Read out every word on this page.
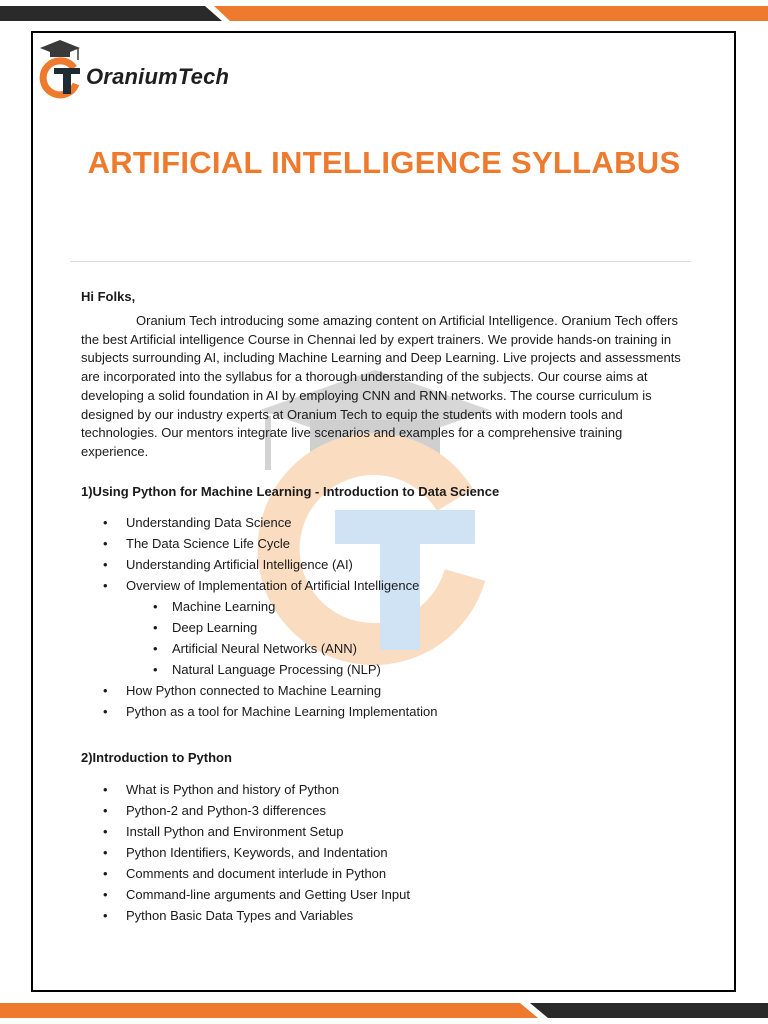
OraniumTech
ARTIFICIAL INTELLIGENCE SYLLABUS

Hi Folks,

Oranium Tech introducing some amazing content on Artificial Intelligence. Oranium Tech offers the best Artificial intelligence Course in Chennai led by expert trainers. We provide hands-on training in subjects surrounding AI, including Machine Learning and Deep Learning. Live projects and assessments are incorporated into the syllabus for a thorough understanding of the subjects. Our course aims at developing a solid foundation in AI by employing CNN and RNN networks. The course curriculum is designed by our industry experts at Oranium Tech to equip the students with modern tools and technologies. Our mentors integrate live scenarios and examples for a comprehensive training experience.

1)Using Python for Machine Learning - Introduction to Data Science

• Understanding Data Science
• The Data Science Life Cycle
• Understanding Artificial Intelligence (AI)
• Overview of Implementation of Artificial Intelligence
• Machine Learning
• Deep Learning
• Artificial Neural Networks (ANN)
• Natural Language Processing (NLP)
• How Python connected to Machine Learning
• Python as a tool for Machine Learning Implementation

2)Introduction to Python

• What is Python and history of Python
• Python-2 and Python-3 differences
• Install Python and Environment Setup
• Python Identifiers, Keywords, and Indentation
• Comments and document interlude in Python
• Command-line arguments and Getting User Input
• Python Basic Data Types and Variables
